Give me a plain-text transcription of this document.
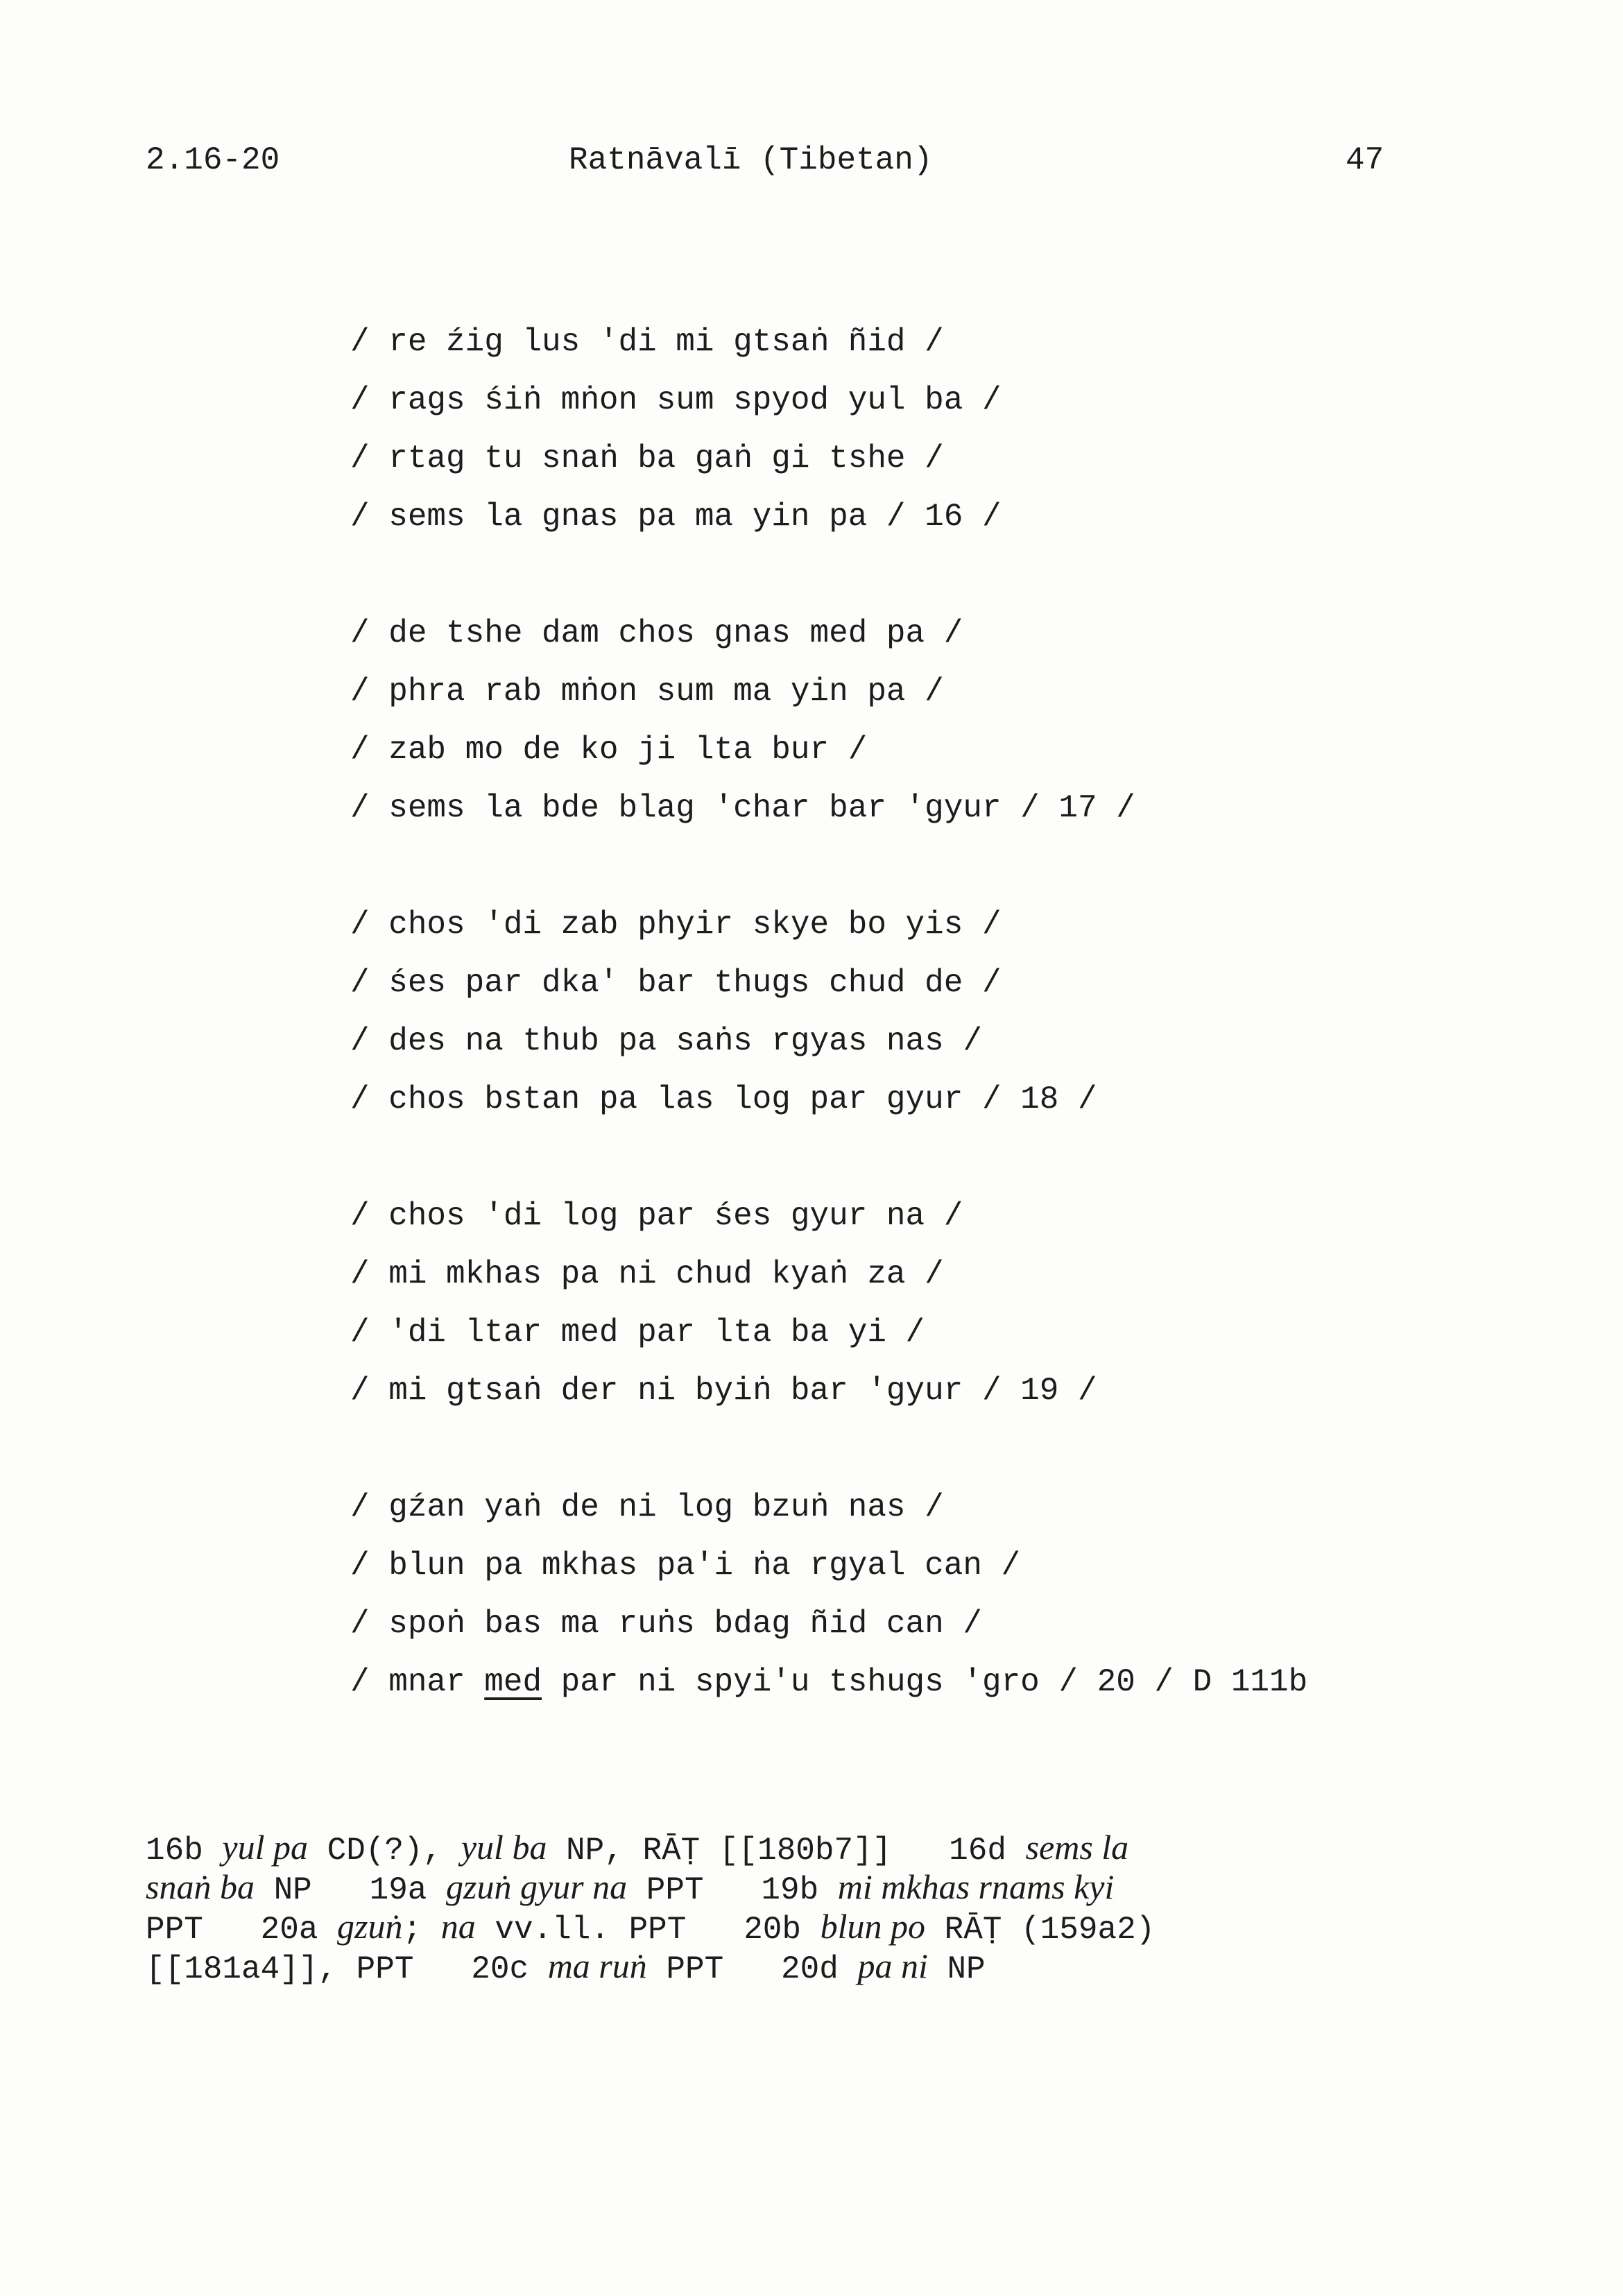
2.16-20	Ratnāvalī (Tibetan)	47
/ re źig lus 'di mi gtsaṅ ñid /
/ rags śiṅ mṅon sum spyod yul ba /
/ rtag tu snaṅ ba gaṅ gi tshe /
/ sems la gnas pa ma yin pa / 16 /
/ de tshe dam chos gnas med pa /
/ phra rab mṅon sum ma yin pa /
/ zab mo de ko ji lta bur /
/ sems la bde blag 'char bar 'gyur / 17 /
/ chos 'di zab phyir skye bo yis /
/ śes par dka' bar thugs chud de /
/ des na thub pa saṅs rgyas nas /
/ chos bstan pa las log par gyur / 18 /
/ chos 'di log par śes gyur na /
/ mi mkhas pa ni chud kyaṅ za /
/ 'di ltar med par lta ba yi /
/ mi gtsaṅ der ni byiṅ bar 'gyur / 19 /
/ gźan yaṅ de ni log bzuṅ nas /
/ blun pa mkhas pa'i ṅa rgyal can /
/ spoṅ bas ma ruṅs bdag ñid can /
/ mnar med par ni spyi'u tshugs 'gro / 20 / D 111b
16b yul pa CD(?), yul ba NP, RĀṬ [[180b7]]   16d sems la
snaṅ ba NP   19a gzuṅ gyur na PPT   19b mi mkhas rnams kyi
PPT   20a gzuṅ; na vv.ll. PPT   20b blun po RĀṬ (159a2)
[[181a4]], PPT   20c ma ruṅ PPT   20d pa ni NP
